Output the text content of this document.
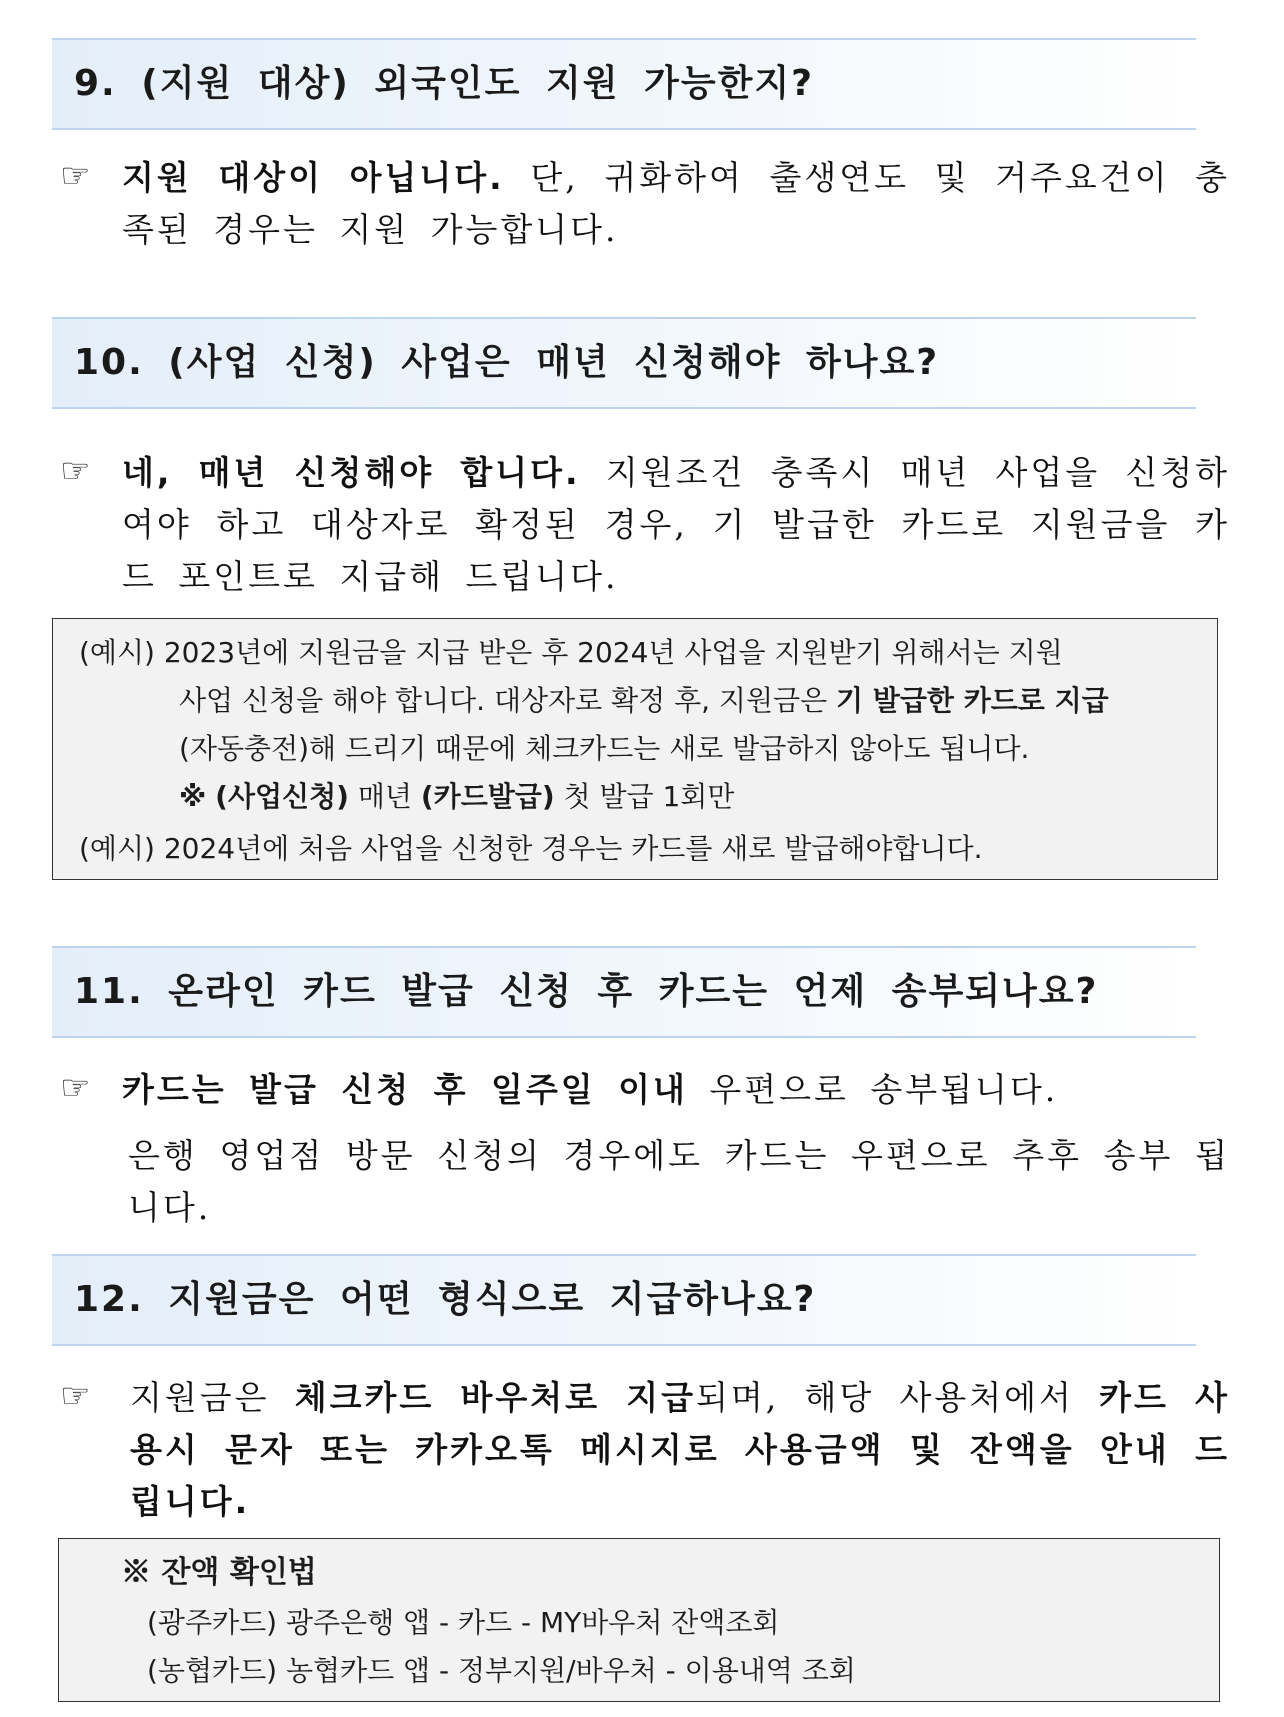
9. (지원 대상) 외국인도 지원 가능한지?
☞ 지원 대상이 아닙니다. 단, 귀화하여 출생연도 및 거주요건이 충족된 경우는 지원 가능합니다.
10. (사업 신청) 사업은 매년 신청해야 하나요?
☞ 네, 매년 신청해야 합니다. 지원조건 충족시 매년 사업을 신청하여야 하고 대상자로 확정된 경우, 기 발급한 카드로 지원금을 카드 포인트로 지급해 드립니다.
(예시) 2023년에 지원금을 지급 받은 후 2024년 사업을 지원받기 위해서는 지원
사업 신청을 해야 합니다. 대상자로 확정 후, 지원금은 기 발급한 카드로 지급
(자동충전)해 드리기 때문에 체크카드는 새로 발급하지 않아도 됩니다.
※ (사업신청) 매년 (카드발급) 첫 발급 1회만
(예시) 2024년에 처음 사업을 신청한 경우는 카드를 새로 발급해야합니다.
11. 온라인 카드 발급 신청 후 카드는 언제 송부되나요?
☞ 카드는 발급 신청 후 일주일 이내 우편으로 송부됩니다.
은행 영업점 방문 신청의 경우에도 카드는 우편으로 추후 송부 됩니다.
12. 지원금은 어떤 형식으로 지급하나요?
☞ 지원금은 체크카드 바우처로 지급되며, 해당 사용처에서 카드 사용시 문자 또는 카카오톡 메시지로 사용금액 및 잔액을 안내 드립니다.
※ 잔액 확인법
(광주카드) 광주은행 앱 - 카드 - MY바우처 잔액조회
(농협카드) 농협카드 앱 - 정부지원/바우처 - 이용내역 조회
